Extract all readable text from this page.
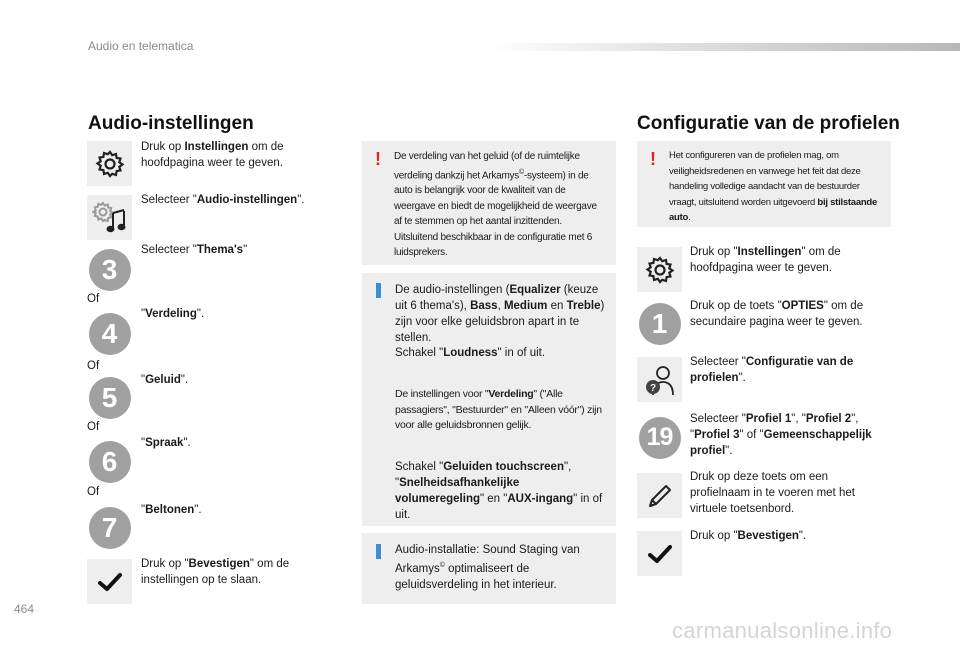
Audio en telematica
Audio-instellingen
Druk op Instellingen om de hoofdpagina weer te geven.
Selecteer "Audio-instellingen".
3
Selecteer "Thema's"
Of
4
"Verdeling".
Of
5
"Geluid".
Of
6
"Spraak".
Of
7
"Beltonen".
Druk op "Bevestigen" om de instellingen op te slaan.
! De verdeling van het geluid (of de ruimtelijke verdeling dankzij het Arkamys©-systeem) in de auto is belangrijk voor de kwaliteit van de weergave en biedt de mogelijkheid de weergave af te stemmen op het aantal inzittenden. Uitsluitend beschikbaar in de configuratie met 6 luidsprekers.
De audio-instellingen (Equalizer (keuze uit 6 thema's), Bass, Medium en Treble) zijn voor elke geluidsbron apart in te stellen.
Schakel "Loudness" in of uit.
De instellingen voor "Verdeling" ("Alle passagiers", "Bestuurder" en "Alleen vóór") zijn voor alle geluidsbronnen gelijk.
Schakel "Geluiden touchscreen", "Snelheidsafhankelijke volumeregeling" en "AUX-ingang" in of uit.
Audio-installatie: Sound Staging van Arkamys© optimaliseert de geluidsverdeling in het interieur.
Configuratie van de profielen
! Het configureren van de profielen mag, om veiligheidsredenen en vanwege het feit dat deze handeling volledige aandacht van de bestuurder vraagt, uitsluitend worden uitgevoerd bij stilstaande auto.
Druk op "Instellingen" om de hoofdpagina weer te geven.
1
Druk op de toets "OPTIES" om de secundaire pagina weer te geven.
?
Selecteer "Configuratie van de profielen".
19
Selecteer "Profiel 1", "Profiel 2", "Profiel 3" of "Gemeenschappelijk profiel".
Druk op deze toets om een profielnaam in te voeren met het virtuele toetsenbord.
Druk op "Bevestigen".
464
carmanualsonline.info
